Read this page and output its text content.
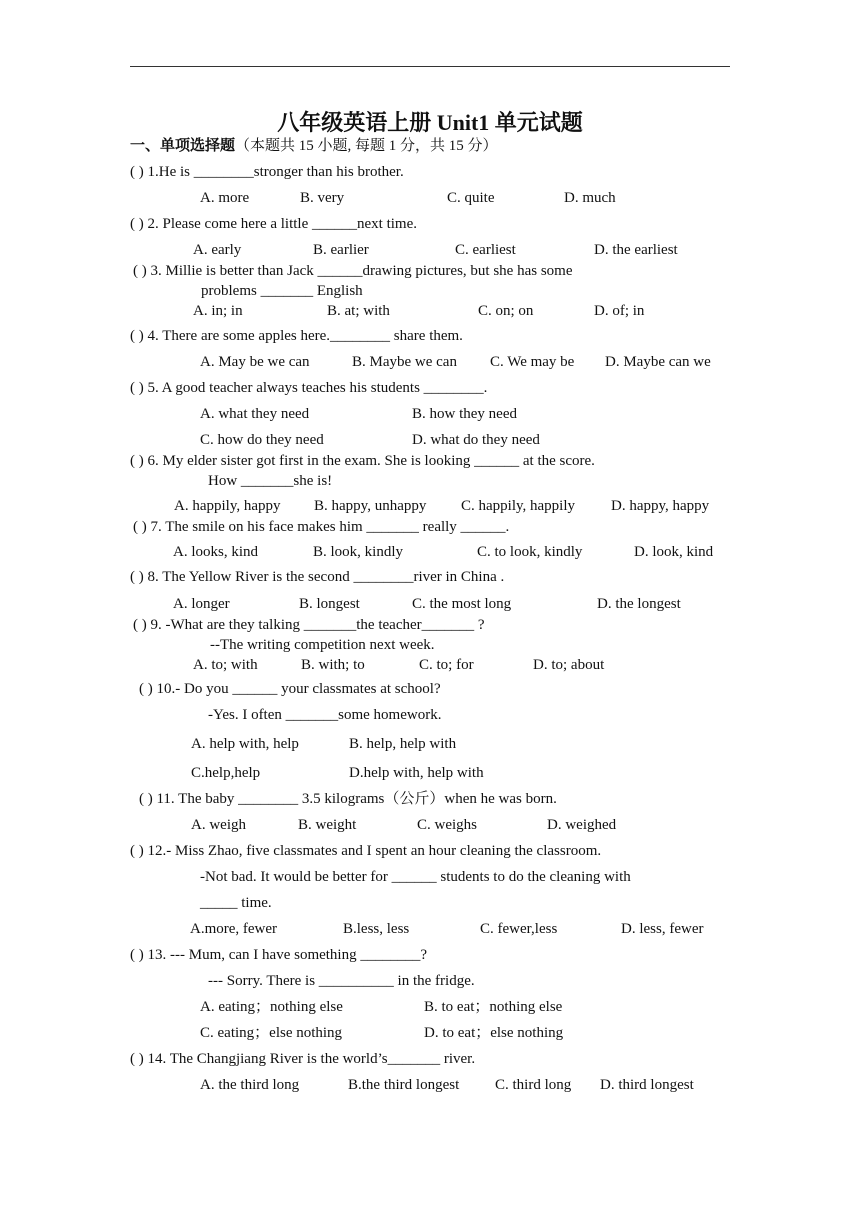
八年级英语上册 Unit1 单元试题
一、单项选择题（本题共 15 小题, 每题 1 分，共 15 分）
( ) 1.He is ________stronger than his brother.
A. more	B. very	C. quite	D. much
( ) 2. Please come here a little ______next time.
A. early	B. earlier	C. earliest	D. the earliest
( ) 3. Millie is better than Jack ______drawing pictures, but she has some
problems _______ English
A. in; in	B. at; with	C. on; on	D. of; in
( ) 4. There are some apples here.________ share them.
A. May be we can	B. Maybe we can C. We may be D. Maybe can we
( ) 5. A good teacher always teaches his students ________.
A. what they need	B. how they need
C. how do they need	D. what do they need
( ) 6. My elder sister got first in the exam. She is looking ______ at the score.
How _______she is!
A. happily, happy B. happy, unhappy C. happily, happily D. happy, happy
( ) 7. The smile on his face makes him _______ really ______.
A. looks, kind	B. look, kindly	C. to look, kindly	D. look, kind
( ) 8. The Yellow River is the second ________river in China .
A. longer	B. longest	C. the most long	D. the longest
( ) 9. -What are they talking _______the teacher_______ ?
--The writing competition next week.
A. to; with	B. with; to	C. to; for	D. to; about
( ) 10.- Do you ______ your classmates at school?
-Yes. I often _______some homework.
A. help with, help	B. help, help with
C.help,help	D.help with, help with
( ) 11. The baby ________ 3.5 kilograms（公斤）when he was born.
A. weigh	B. weight	C. weighs	D. weighed
( ) 12.- Miss Zhao, five classmates and I spent an hour cleaning the classroom.
-Not bad. It would be better for ______ students to do the cleaning with
_____ time.
A.more, fewer	B.less, less	C. fewer,less	D. less, fewer
( ) 13. --- Mum, can I have something ________?
--- Sorry. There is __________ in the fridge.
A. eating；nothing else	B. to eat；nothing else
C. eating；else nothing	D. to eat；else nothing
( ) 14. The Changjiang River is the world’s_______ river.
A. the third long	B.the third longest C. third long D. third longest
